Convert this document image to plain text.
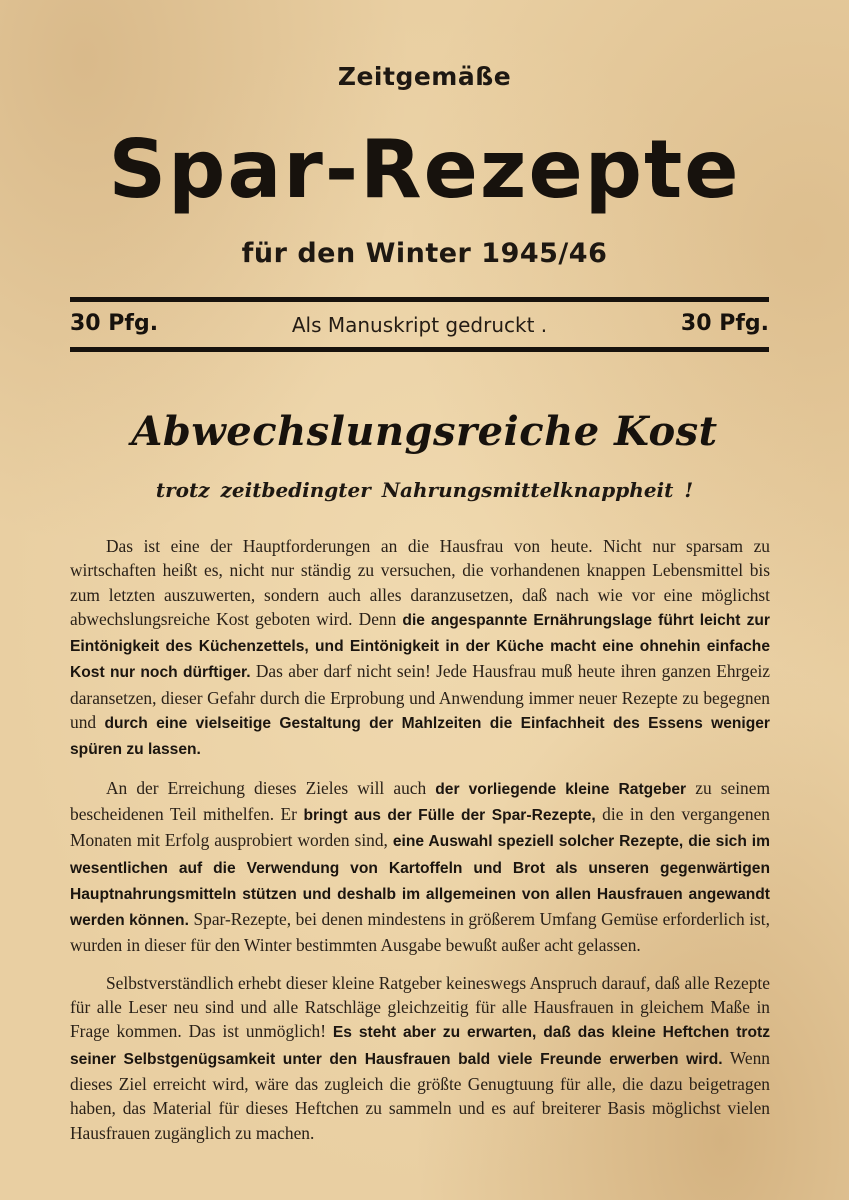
Zeitgemäße
Spar-Rezepte
für den Winter 1945/46
30 Pfg.	Als Manuskript gedruckt .	30 Pfg.
Abwechslungsreiche Kost
trotz zeitbedingter Nahrungsmittelknappheit !

Das ist eine der Hauptforderungen an die Hausfrau von heute. Nicht nur sparsam zu wirtschaften heißt es, nicht nur ständig zu versuchen, die vorhandenen knappen Lebensmittel bis zum letzten auszuwerten, sondern auch alles daranzusetzen, daß nach wie vor eine möglichst abwechslungsreiche Kost geboten wird. Denn die angespannte Ernährungslage führt leicht zur Eintönigkeit des Küchenzettels, und Eintönigkeit in der Küche macht eine ohnehin einfache Kost nur noch dürftiger. Das aber darf nicht sein! Jede Hausfrau muß heute ihren ganzen Ehrgeiz daransetzen, dieser Gefahr durch die Erprobung und Anwendung immer neuer Rezepte zu begegnen und durch eine vielseitige Gestaltung der Mahlzeiten die Einfachheit des Essens weniger spüren zu lassen.

An der Erreichung dieses Zieles will auch der vorliegende kleine Ratgeber zu seinem bescheidenen Teil mithelfen. Er bringt aus der Fülle der Spar-Rezepte, die in den vergangenen Monaten mit Erfolg ausprobiert worden sind, eine Auswahl speziell solcher Rezepte, die sich im wesentlichen auf die Verwendung von Kartoffeln und Brot als unseren gegenwärtigen Hauptnahrungsmitteln stützen und deshalb im allgemeinen von allen Hausfrauen angewandt werden können. Spar-Rezepte, bei denen mindestens in größerem Umfang Gemüse erforderlich ist, wurden in dieser für den Winter bestimmten Ausgabe bewußt außer acht gelassen.

Selbstverständlich erhebt dieser kleine Ratgeber keineswegs Anspruch darauf, daß alle Rezepte für alle Leser neu sind und alle Ratschläge gleichzeitig für alle Hausfrauen in gleichem Maße in Frage kommen. Das ist unmöglich! Es steht aber zu erwarten, daß das kleine Heftchen trotz seiner Selbstgenügsamkeit unter den Hausfrauen bald viele Freunde erwerben wird. Wenn dieses Ziel erreicht wird, wäre das zugleich die größte Genugtuung für alle, die dazu beigetragen haben, das Material für dieses Heftchen zu sammeln und es auf breiterer Basis möglichst vielen Hausfrauen zugänglich zu machen.
